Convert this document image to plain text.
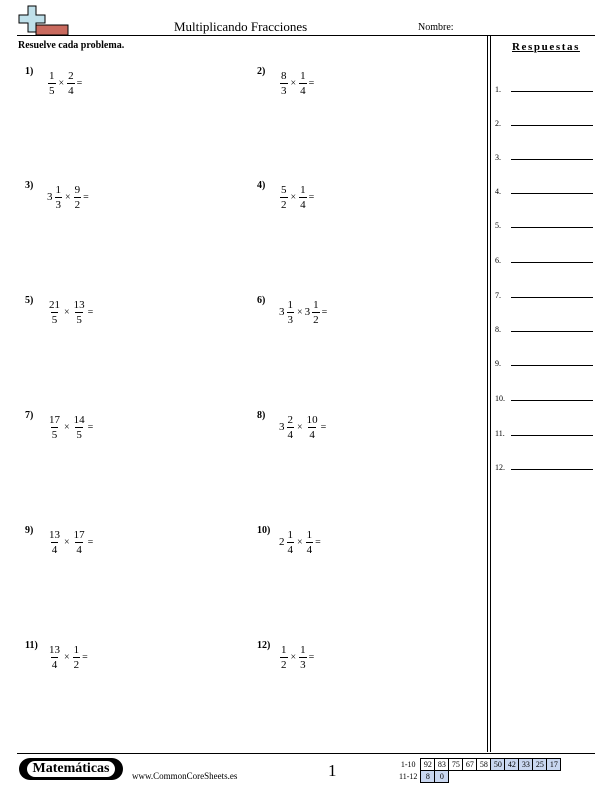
Multiplicando Fracciones	Nombre:
Resuelve cada problema.	Respuestas
1.
2.
3.
4.
5.
6.
7.
8.
9.
10.
11.
12.
$1) \frac{1}{5} \times \frac{2}{4}$ =
$2) \frac{8}{3} \times \frac{1}{4}$ =
3)
$3 \frac{1}{3} \times \frac{9}{2}$ =
$4) \frac{5}{2} \times \frac{1}{4}$ =
$5) \frac{21}{5} \times \frac{13}{5}$ =
6)
$3 \frac{1}{3} \times 3 \frac{1}{2}$ =
$7) \frac{17}{5} \times \frac{14}{5}$ =
8)
$3 \frac{2}{4} \times \frac{10}{4}$ =
$9) \frac{13}{4} \times \frac{17}{4}$ =
10)
$2 \frac{1}{4} \times \frac{1}{4}$ =
$11) \frac{13}{4} \times \frac{1}{2}$ =
$12) \frac{1}{2} \times \frac{1}{3}$ =
Matemáticas	www.CommonCoreSheets.es	1	1-10	92	83	75	67	58	50	42	33	25	17
11-12	8	0								
